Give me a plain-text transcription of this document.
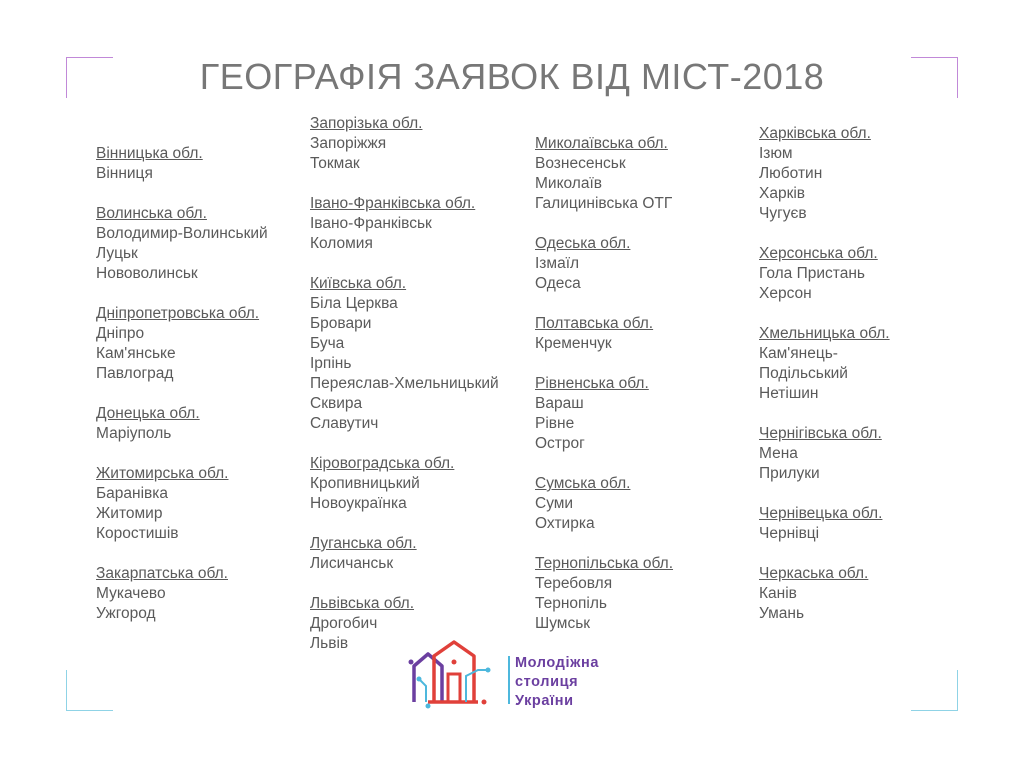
ГЕОГРАФІЯ ЗАЯВОК ВІД МІСТ-2018
Вінницька обл.
Вінниця
Волинська обл.
Володимир-Волинський
Луцьк
Нововолинськ
Дніпропетровська обл.
Дніпро
Кам'янське
Павлоград
Донецька обл.
Маріуполь
Житомирська обл.
Баранівка
Житомир
Коростишів
Закарпатська обл.
Мукачево
Ужгород
Запорізька обл.
Запоріжжя
Токмак
Івано-Франківська обл.
Івано-Франківськ
Коломия
Київська обл.
Біла Церква
Бровари
Буча
Ірпінь
Переяслав-Хмельницький
Сквира
Славутич
Кіровоградська обл.
Кропивницький
Новоукраїнка
Луганська обл.
Лисичанськ
Львівська обл.
Дрогобич
Львів
Миколаївська обл.
Вознесенськ
Миколаїв
Галицинівська ОТГ
Одеська обл.
Ізмаїл
Одеса
Полтавська обл.
Кременчук
Рівненська обл.
Вараш
Рівне
Острог
Сумська обл.
Суми
Охтирка
Тернопільська обл.
Теребовля
Тернопіль
Шумськ
Харківська обл.
Ізюм
Люботин
Харків
Чугуєв
Херсонська обл.
Гола Пристань
Херсон
Хмельницька обл.
Кам'янець-
Подільський
Нетішин
Чернігівська обл.
Мена
Прилуки
Чернівецька обл.
Чернівці
Черкаська обл.
Канів
Умань
Молодіжна
столиця
України
